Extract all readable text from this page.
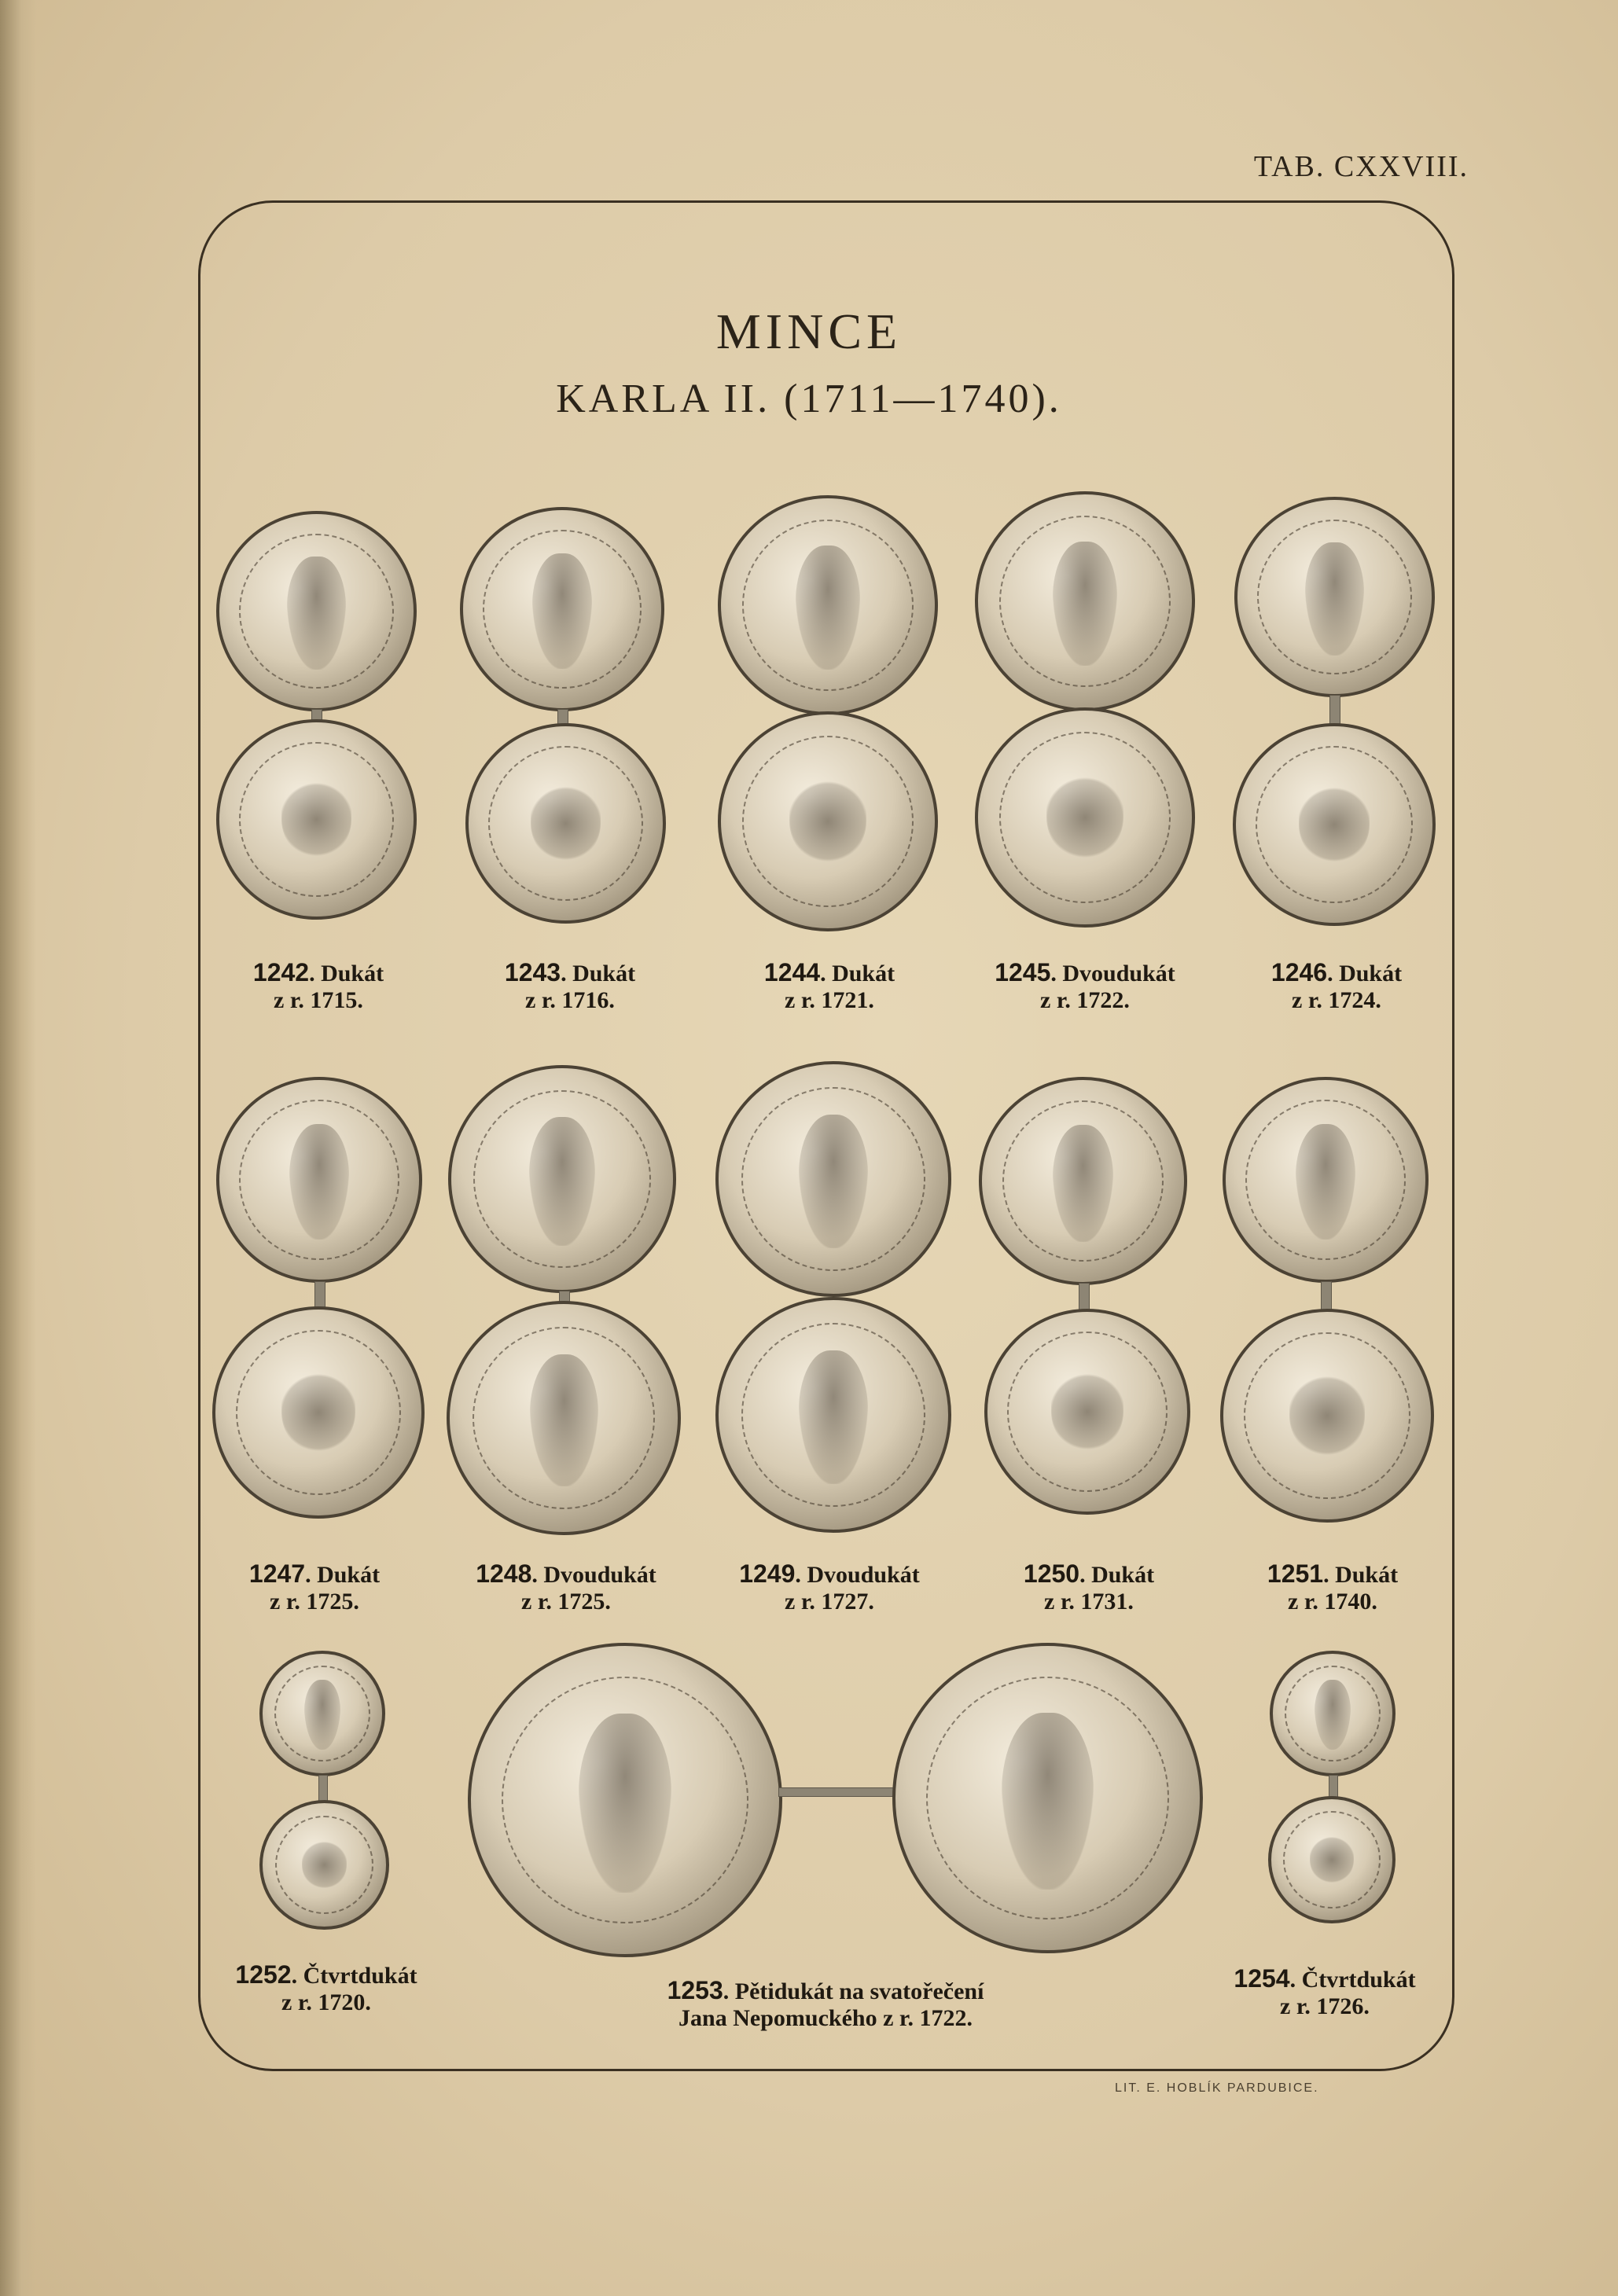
TAB. CXXVIII.
MINCE
KARLA II. (1711—1740).
1242. Dukát
z r. 1715.
1243. Dukát
z r. 1716.
1244. Dukát
z r. 1721.
1245. Dvoudukát
z r. 1722.
1246. Dukát
z r. 1724.
1247. Dukát
z r. 1725.
1248. Dvoudukát
z r. 1725.
1249. Dvoudukát
z r. 1727.
1250. Dukát
z r. 1731.
1251. Dukát
z r. 1740.
1252. Čtvrtdukát
z r. 1720.	1253. Pětidukát na svatořečení
Jana Nepomuckého z r. 1722.
1254. Čtvrtdukát
z r. 1726.
LIT. E. HOBLÍK PARDUBICE.
